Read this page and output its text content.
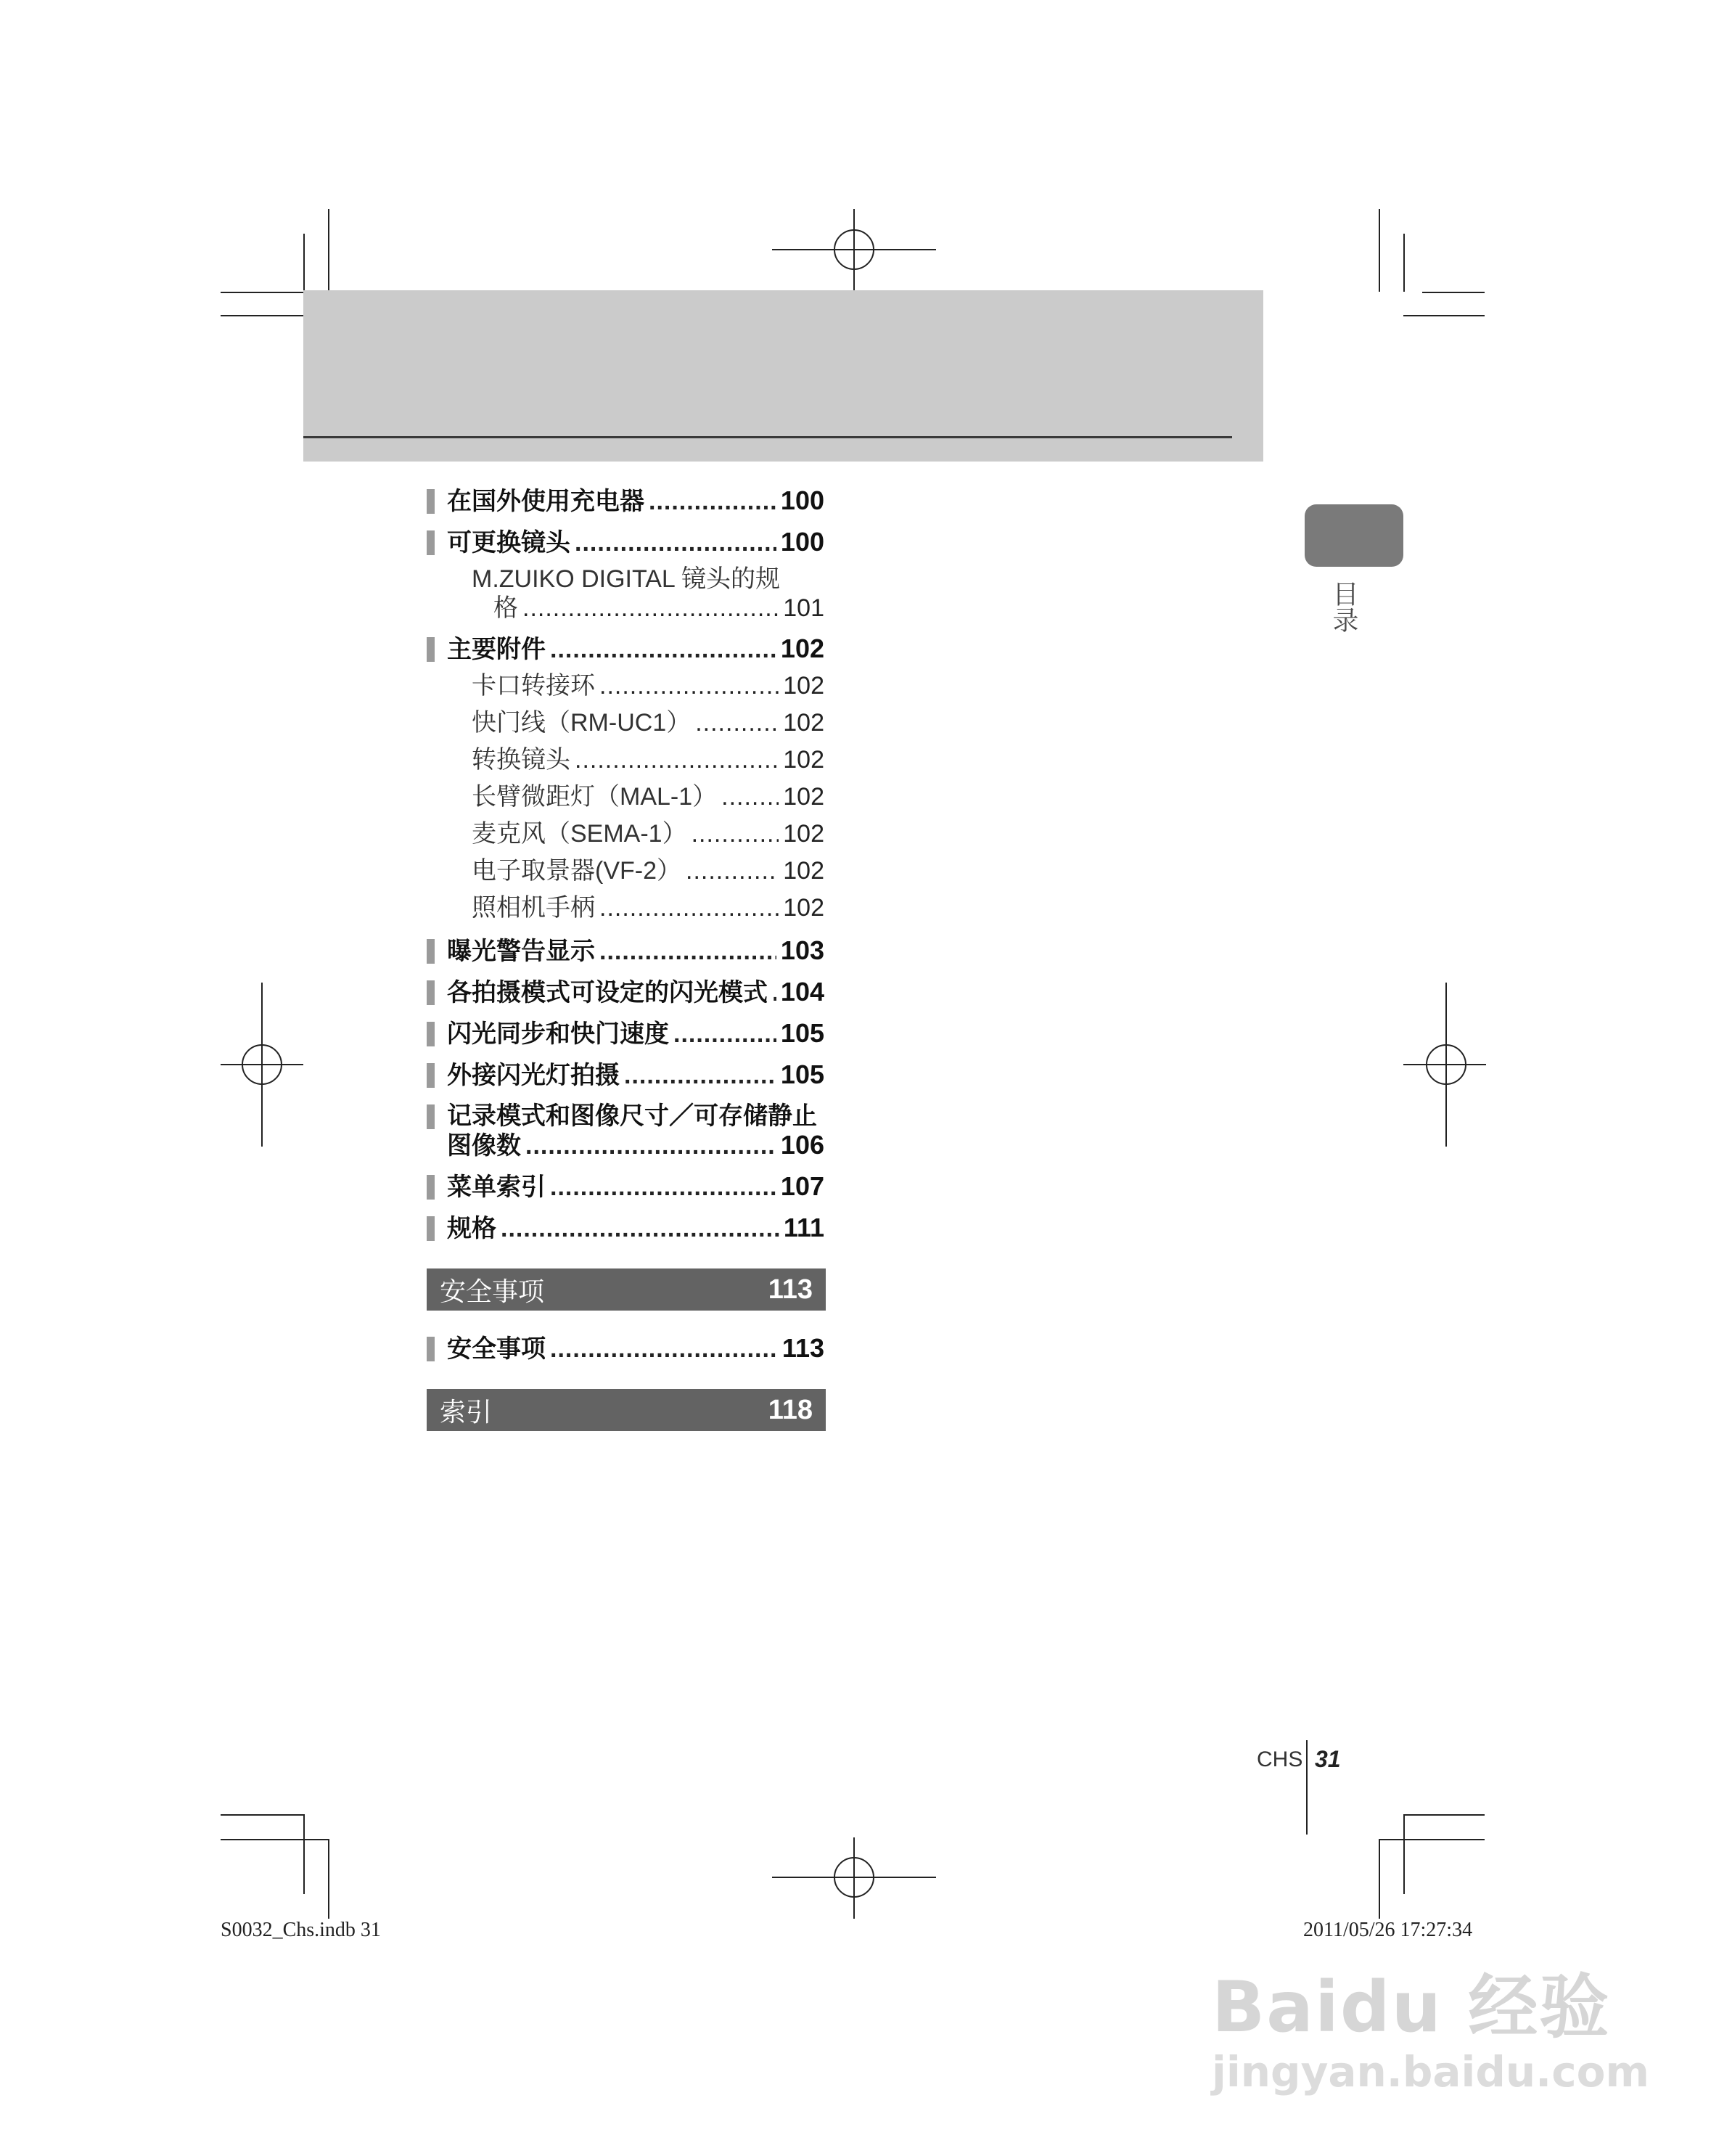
目录
在国外使用充电器 .....	100
可更换镜头 .....	100
M.ZUIKO DIGITAL 镜头的规
格 .....	101
主要附件 .....	102
卡口转接环 .....	102
快门线（RM-UC1） .....	102
转换镜头 .....	102
长臂微距灯（MAL-1） .....	102
麦克风（SEMA-1） .....	102
电子取景器(VF-2） .....	102
照相机手柄 .....	102
曝光警告显示 .....	103
各拍摄模式可设定的闪光模式 ..... 104
闪光同步和快门速度 .....	105
外接闪光灯拍摄 .....	105
记录模式和图像尺寸／可存储静止
图像数 .....	106
菜单索引 .....	107
规格 .....	111
安全事项	113
安全事项 .....	113
索引	118
CHS 31
S0032_Chs.indb 31	2011/05/26 17:27:34
Baidu 经验
jingyan.baidu.com
